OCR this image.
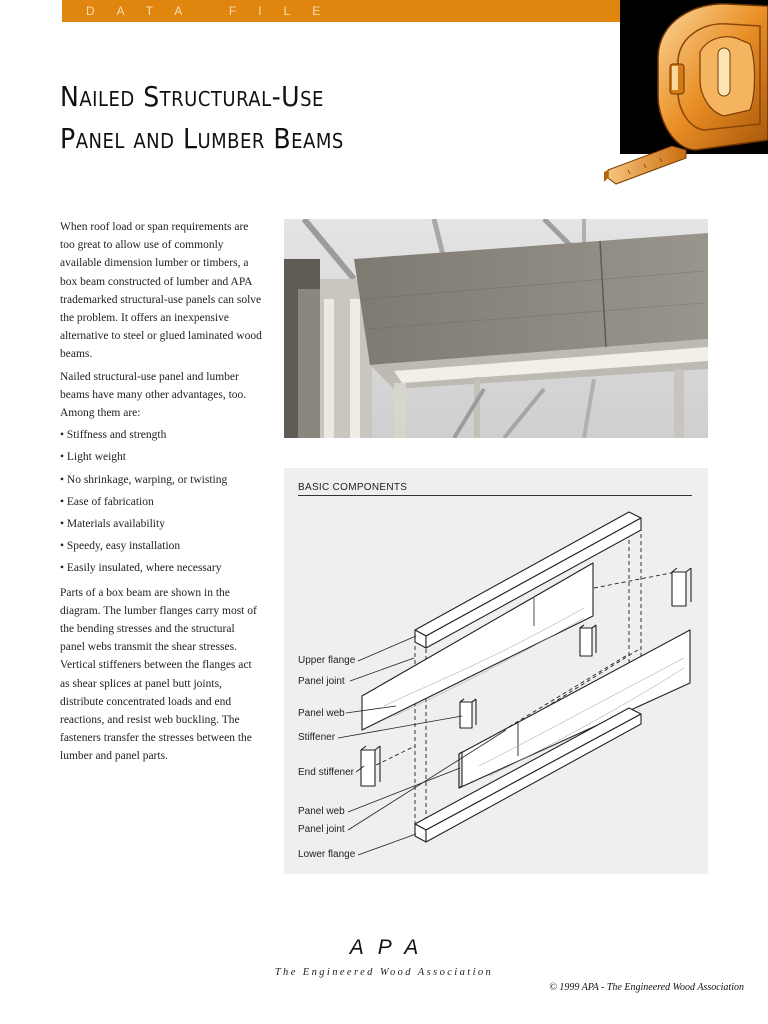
DATA FILE
Nailed Structural-Use
Panel and Lumber Beams

When roof load or span requirements are too great to allow use of commonly available dimension lumber or timbers, a box beam constructed of lumber and APA trademarked structural-use panels can solve the problem. It offers an inexpensive alternative to steel or glued laminated wood beams.

Nailed structural-use panel and lumber beams have many other advantages, too. Among them are:

• Stiffness and strength
• Light weight
• No shrinkage, warping, or twisting
• Ease of fabrication
• Materials availability
• Speedy, easy installation
• Easily insulated, where necessary

Parts of a box beam are shown in the diagram. The lumber flanges carry most of the bending stresses and the structural panel webs transmit the shear stresses. Vertical stiffeners between the flanges act as shear splices at panel butt joints, distribute concentrated loads and end reactions, and resist web buckling. The fasteners transfer the stresses between the lumber and panel parts.

BASIC COMPONENTS
Upper flange
Panel joint
Panel web
Stiffener
End stiffener
Panel web
Panel joint
Lower flange
APA
The Engineered Wood Association
© 1999 APA - The Engineered Wood Association
